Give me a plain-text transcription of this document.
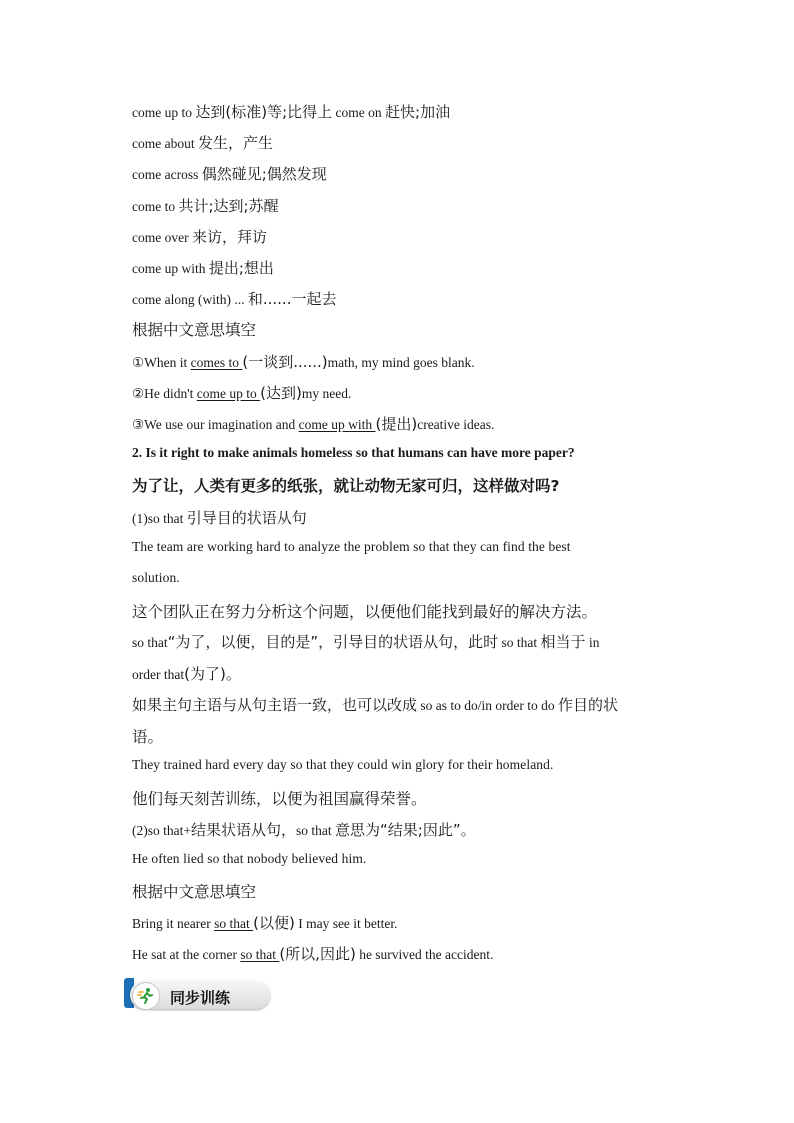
come up to 达到(标准)等;比得上 come on 赶快;加油
come about 发生，产生
come across 偶然碰见;偶然发现
come to 共计;达到;苏醒
come over 来访，拜访
come up with 提出;想出
come along (with) ... 和......一起去
根据中文意思填空
①When it comes to (一谈到......)math, my mind goes blank.
②He didn't come up to (达到)my need.
③We use our imagination and come up with (提出)creative ideas.
2. Is it right to make animals homeless so that humans can have more paper?
为了让，人类有更多的纸张，就让动物无家可归，这样做对吗?
(1)so that 引导目的状语从句
The team are working hard to analyze the problem so that they can find the best
solution.
这个团队正在努力分析这个问题，以便他们能找到最好的解决方法。
so that“为了，以便，目的是”，引导目的状语从句，此时 so that 相当于 in
order that(为了)。
如果主句主语与从句主语一致，也可以改成 so as to do/in order to do 作目的状
语。
They trained hard every day so that they could win glory for their homeland.
他们每天刻苦训练，以便为祖国赢得荣誉。
(2)so that+结果状语从句，so that 意思为“结果;因此”。
He often lied so that nobody believed him.
根据中文意思填空
Bring it nearer so that (以便) I may see it better.
He sat at the corner so that (所以,因此) he survived the accident.
同步训练
